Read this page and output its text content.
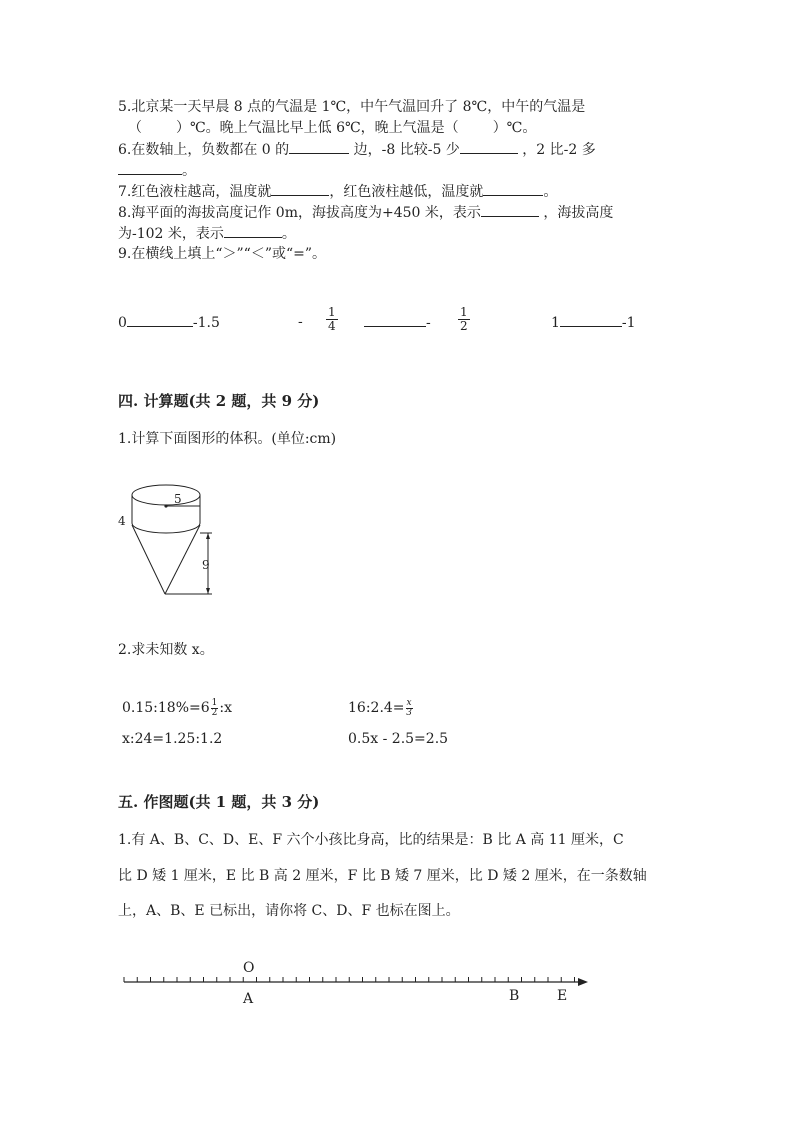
5.北京某一天早晨 8 点的气温是 1℃，中午气温回升了 8℃，中午的气温是
（ ）℃。晚上气温比早上低 6℃，晚上气温是（ ）℃。
6.在数轴上，负数都在 0 的	边，-8 比较-5 少	，2 比-2 多
。
7.红色液柱越高，温度就	，红色液柱越低，温度就	。
8.海平面的海拔高度记作 0m，海拔高度为+450 米，表示	，海拔高度
为-102 米，表示	。
9.在横线上填上“＞”“＜”或“=”。
0	-1.5	- $\frac{1}{4}$	- $\frac{1}{2}$	1	-1
四. 计算题(共 2 题，共 9 分)
1.计算下面图形的体积。(单位:cm)
5
4
9
2.求未知数 x。
0.15:18%=6 $\frac{1}{2}$ :x	16:2.4= $\frac{x}{3}$
x:24=1.25:1.2	0.5x - 2.5=2.5
五. 作图题(共 1 题，共 3 分)
1.有 A、B、C、D、E、F 六个小孩比身高，比的结果是：B 比 A 高 11 厘米，C
比 D 矮 1 厘米，E 比 B 高 2 厘米，F 比 B 矮 7 厘米，比 D 矮 2 厘米，在一条数轴
上，A、B、E 已标出，请你将 C、D、F 也标在图上。
O
A	B	E
